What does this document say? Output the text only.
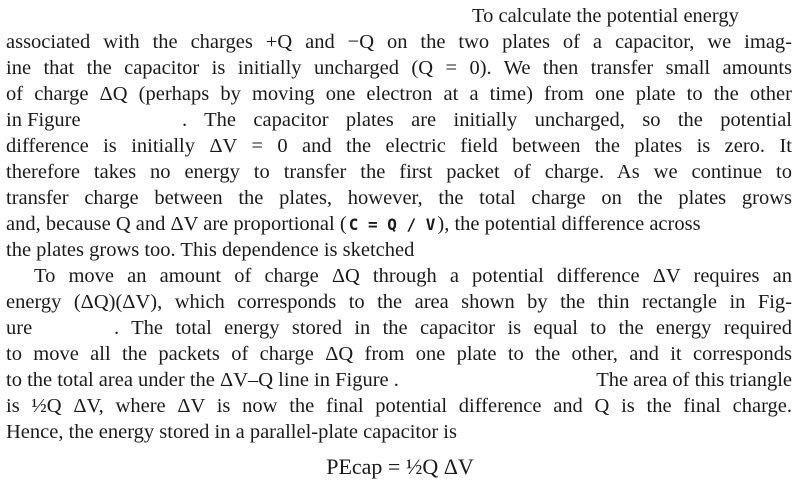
To calculate the potential energy
associated with the charges +Q and −Q on the two plates of a capacitor, we imag-
ine that the capacitor is initially uncharged (Q = 0). We then transfer small amounts
of charge ΔQ (perhaps by moving one electron at a time) from one plate to the other
in Figure	. The capacitor plates are initially uncharged, so the potential
difference is initially ΔV = 0 and the electric field between the plates is zero. It
therefore takes no energy to transfer the first packet of charge. As we continue to
transfer charge between the plates, however, the total charge on the plates grows
and, because Q and ΔV are proportional ( C = Q / V), the potential difference across
the plates grows too. This dependence is sketched
To move an amount of charge ΔQ through a potential difference ΔV requires an
energy (ΔQ)(ΔV), which corresponds to the area shown by the thin rectangle in Fig-
ure	. The total energy stored in the capacitor is equal to the energy required
to move all the packets of charge ΔQ from one plate to the other, and it corresponds
to the total area under the ΔV–Q line in Figure .	The area of this triangle
is ½Q ΔV, where ΔV is now the final potential difference and Q is the final charge.
Hence, the energy stored in a parallel-plate capacitor is
PEcap = ½Q ΔV
